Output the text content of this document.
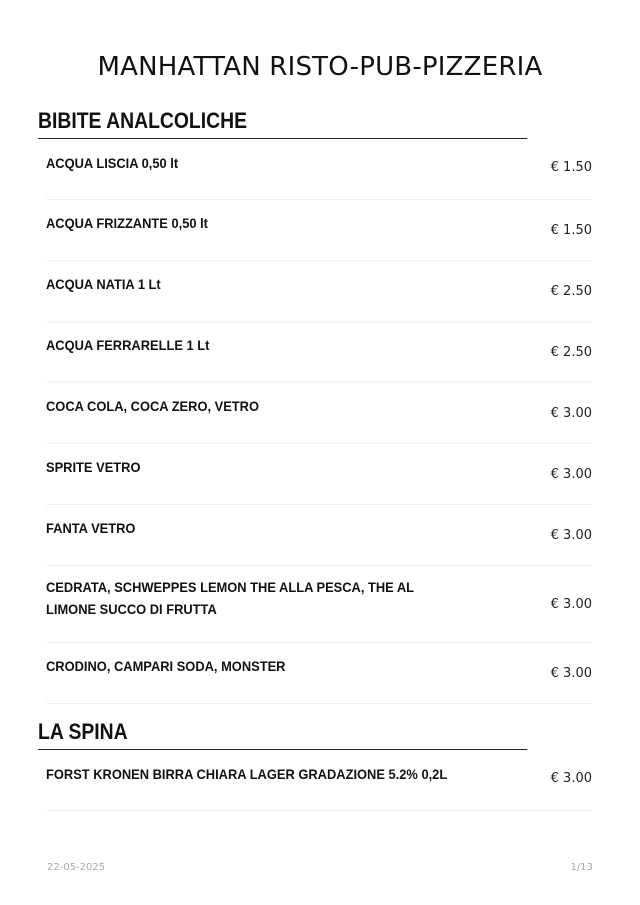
MANHATTAN RISTO-PUB-PIZZERIA
BIBITE ANALCOLICHE
ACQUA LISCIA 0,50 lt	€ 1.50
ACQUA FRIZZANTE 0,50 lt	€ 1.50
ACQUA NATIA 1 Lt	€ 2.50
ACQUA FERRARELLE 1 Lt	€ 2.50
COCA COLA, COCA ZERO, VETRO	€ 3.00
SPRITE VETRO	€ 3.00
FANTA VETRO	€ 3.00
CEDRATA, SCHWEPPES LEMON THE ALLA PESCA, THE AL LIMONE SUCCO DI FRUTTA	€ 3.00
CRODINO, CAMPARI SODA, MONSTER	€ 3.00
LA SPINA
FORST KRONEN BIRRA CHIARA LAGER GRADAZIONE 5.2% 0,2L	€ 3.00
22-05-2025	1/13
